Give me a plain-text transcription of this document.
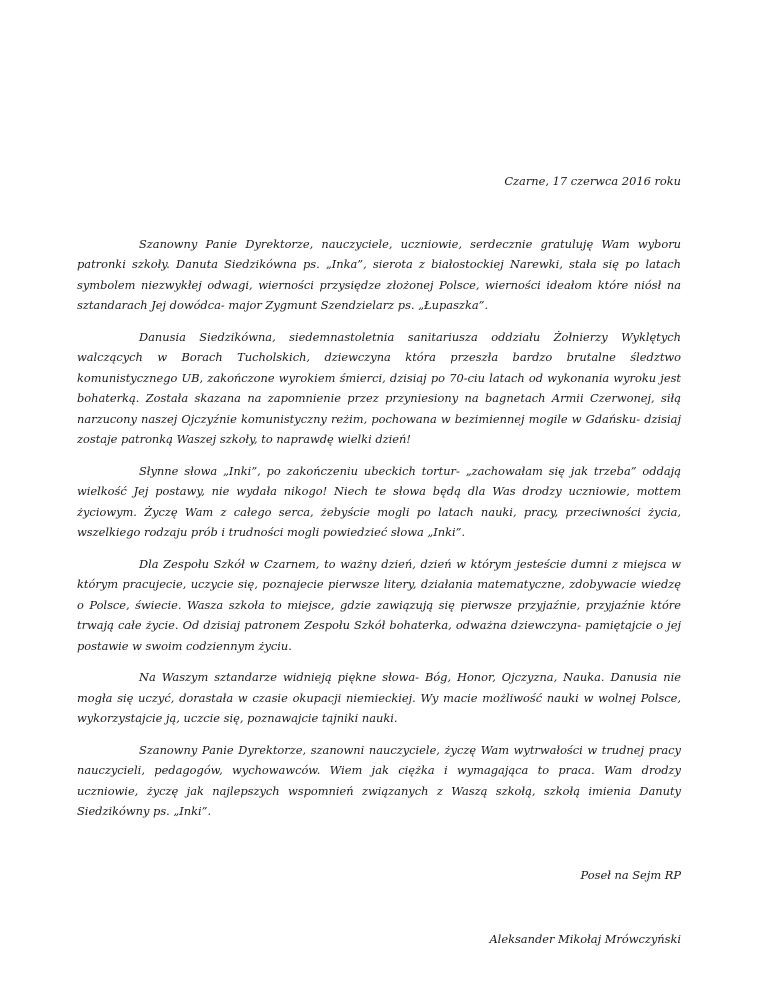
Czarne, 17 czerwca 2016 roku

Szanowny Panie Dyrektorze, nauczyciele, uczniowie, serdecznie gratuluję Wam wyboru patronki szkoły. Danuta Siedzikówna ps. „Inka”, sierota z białostockiej Narewki, stała się po latach symbolem niezwykłej odwagi, wierności przysiędze złożonej Polsce, wierności ideałom które niósł na sztandarach Jej dowódca- major Zygmunt Szendzielarz ps. „Łupaszka”.

Danusia Siedzikówna, siedemnastoletnia sanitariusza oddziału Żołnierzy Wyklętych walczących w Borach Tucholskich, dziewczyna która przeszła bardzo brutalne śledztwo komunistycznego UB, zakończone wyrokiem śmierci, dzisiaj po 70-ciu latach od wykonania wyroku jest bohaterką. Została skazana na zapomnienie przez przyniesiony na bagnetach Armii Czerwonej, siłą narzucony naszej Ojczyźnie komunistyczny reżim, pochowana w bezimiennej mogile w Gdańsku- dzisiaj zostaje patronką Waszej szkoły, to naprawdę wielki dzień!

Słynne słowa „Inki”, po zakończeniu ubeckich tortur- „zachowałam się jak trzeba” oddają wielkość Jej postawy, nie wydała nikogo! Niech te słowa będą dla Was drodzy uczniowie, mottem życiowym. Życzę Wam z całego serca, żebyście mogli po latach nauki, pracy, przeciwności życia, wszelkiego rodzaju prób i trudności mogli powiedzieć słowa „Inki”.

Dla Zespołu Szkół w Czarnem, to ważny dzień, dzień w którym jesteście dumni z miejsca w którym pracujecie, uczycie się, poznajecie pierwsze litery, działania matematyczne, zdobywacie wiedzę o Polsce, świecie. Wasza szkoła to miejsce, gdzie zawiązują się pierwsze przyjaźnie, przyjaźnie które trwają całe życie. Od dzisiaj patronem Zespołu Szkół bohaterka, odważna dziewczyna- pamiętajcie o jej postawie w swoim codziennym życiu.

Na Waszym sztandarze widnieją piękne słowa- Bóg, Honor, Ojczyzna, Nauka. Danusia nie mogła się uczyć, dorastała w czasie okupacji niemieckiej. Wy macie możliwość nauki w wolnej Polsce, wykorzystajcie ją, uczcie się, poznawajcie tajniki nauki.

Szanowny Panie Dyrektorze, szanowni nauczyciele, życzę Wam wytrwałości w trudnej pracy nauczycieli, pedagogów, wychowawców. Wiem jak ciężka i wymagająca to praca. Wam drodzy uczniowie, życzę jak najlepszych wspomnień związanych z Waszą szkołą, szkołą imienia Danuty Siedzikówny ps. „Inki”.

Poseł na Sejm RP

Aleksander Mikołaj Mrówczyński
